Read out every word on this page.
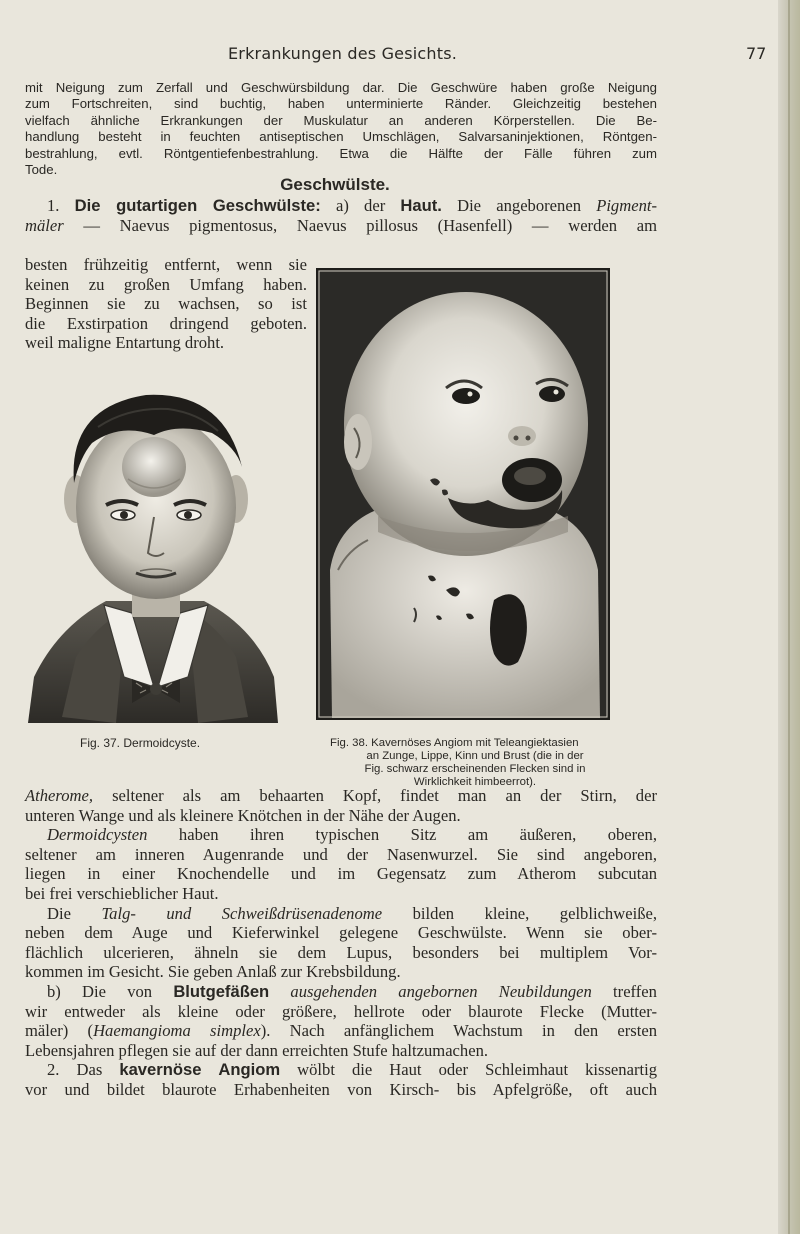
Erkrankungen des Gesichts.	77
mit Neigung zum Zerfall und Geschwürsbildung dar. Die Geschwüre haben große Neigung
zum Fortschreiten, sind buchtig, haben unterminierte Ränder. Gleichzeitig bestehen
vielfach ähnliche Erkrankungen der Muskulatur an anderen Körperstellen. Die Be-
handlung besteht in feuchten antiseptischen Umschlägen, Salvarsaninjektionen, Röntgen-
bestrahlung, evtl. Röntgentiefenbestrahlung. Etwa die Hälfte der Fälle führen zum
Tode.
Geschwülste.
1. Die gutartigen Geschwülste: a) der Haut. Die angeborenen Pigment-
mäler — Naevus pigmentosus, Naevus pillosus (Hasenfell) — werden am
besten frühzeitig entfernt, wenn sie
keinen zu großen Umfang haben.
Beginnen sie zu wachsen, so ist
die Exstirpation dringend geboten.
weil maligne Entartung droht.
Fig. 37. Dermoidcyste.	Fig. 38. Kavernöses Angiom mit Teleangiektasien
an Zunge, Lippe, Kinn und Brust (die in der
Fig. schwarz erscheinenden Flecken sind in
Wirklichkeit himbeerrot).
Atherome, seltener als am behaarten Kopf, findet man an der Stirn, der
unteren Wange und als kleinere Knötchen in der Nähe der Augen.
Dermoidcysten haben ihren typischen Sitz am äußeren, oberen,
seltener am inneren Augenrande und der Nasenwurzel. Sie sind angeboren,
liegen in einer Knochendelle und im Gegensatz zum Atherom subcutan
bei frei verschieblicher Haut.
Die Talg- und Schweißdrüsenadenome bilden kleine, gelblichweiße,
neben dem Auge und Kieferwinkel gelegene Geschwülste. Wenn sie ober-
flächlich ulcerieren, ähneln sie dem Lupus, besonders bei multiplem Vor-
kommen im Gesicht. Sie geben Anlaß zur Krebsbildung.
b) Die von Blutgefäßen ausgehenden angebornen Neubildungen treffen
wir entweder als kleine oder größere, hellrote oder blaurote Flecke (Mutter-
mäler) (Haemangioma simplex). Nach anfänglichem Wachstum in den ersten
Lebensjahren pflegen sie auf der dann erreichten Stufe haltzumachen.
2. Das kavernöse Angiom wölbt die Haut oder Schleimhaut kissenartig
vor und bildet blaurote Erhabenheiten von Kirsch- bis Apfelgröße, oft auch
